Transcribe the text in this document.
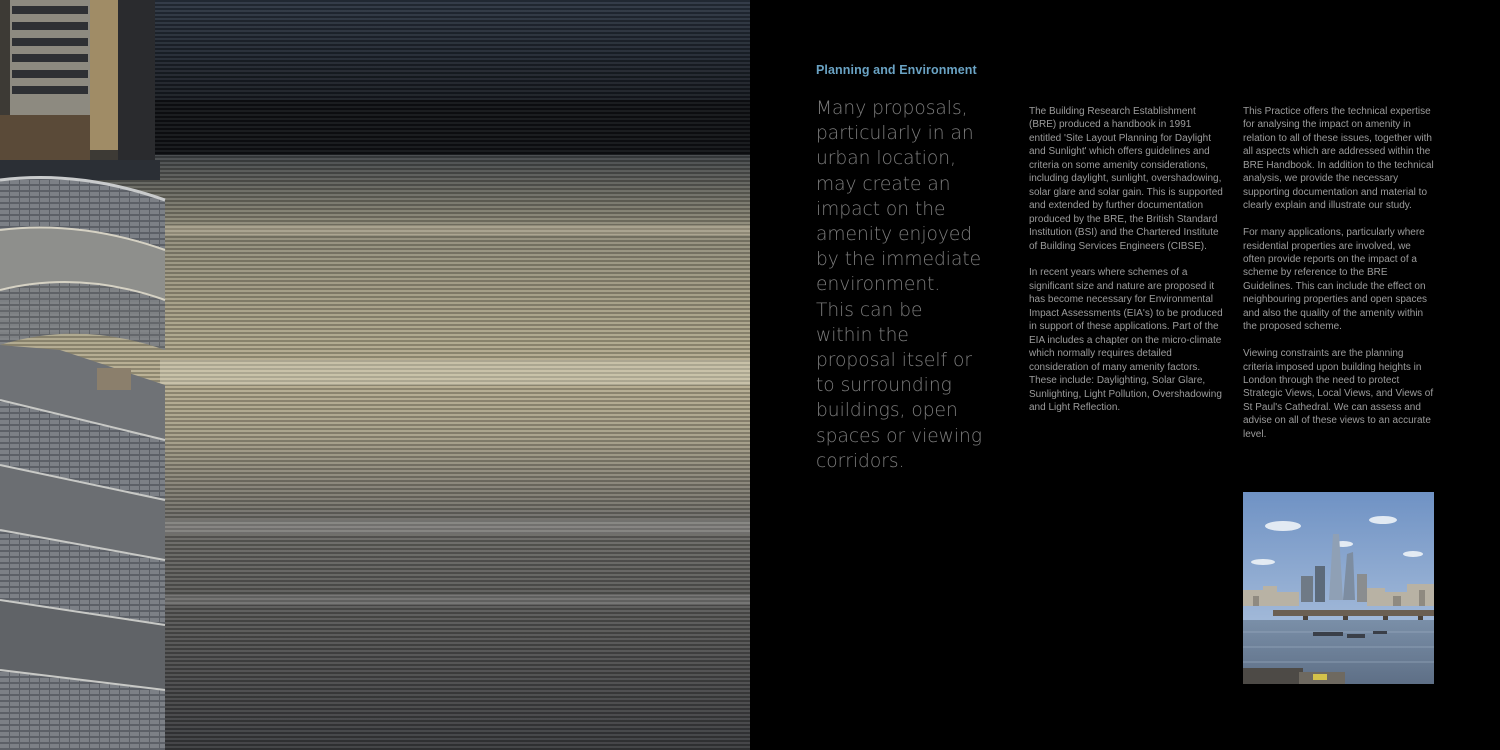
Planning and Environment

Many proposals, particularly in an urban location, may create an impact on the amenity enjoyed by the immediate environment. This can be within the proposal itself or to surrounding buildings, open spaces or viewing corridors.

The Building Research Establishment (BRE) produced a handbook in 1991 entitled 'Site Layout Planning for Daylight and Sunlight' which offers guidelines and criteria on some amenity considerations, including daylight, sunlight, overshadowing, solar glare and solar gain. This is supported and extended by further documentation produced by the BRE, the British Standard Institution (BSI) and the Chartered Institute of Building Services Engineers (CIBSE).

In recent years where schemes of a significant size and nature are proposed it has become necessary for Environmental Impact Assessments (EIA's) to be produced in support of these applications. Part of the EIA includes a chapter on the micro-climate which normally requires detailed consideration of many amenity factors. These include: Daylighting, Solar Glare, Sunlighting, Light Pollution, Overshadowing and Light Reflection.

This Practice offers the technical expertise for analysing the impact on amenity in relation to all of these issues, together with all aspects which are addressed within the BRE Handbook. In addition to the technical analysis, we provide the necessary supporting documentation and material to clearly explain and illustrate our study.

For many applications, particularly where residential properties are involved, we often provide reports on the impact of a scheme by reference to the BRE Guidelines. This can include the effect on neighbouring properties and open spaces and also the quality of the amenity within the proposed scheme.

Viewing constraints are the planning criteria imposed upon building heights in London through the need to protect Strategic Views, Local Views, and Views of St Paul's Cathedral. We can assess and advise on all of these views to an accurate level.
